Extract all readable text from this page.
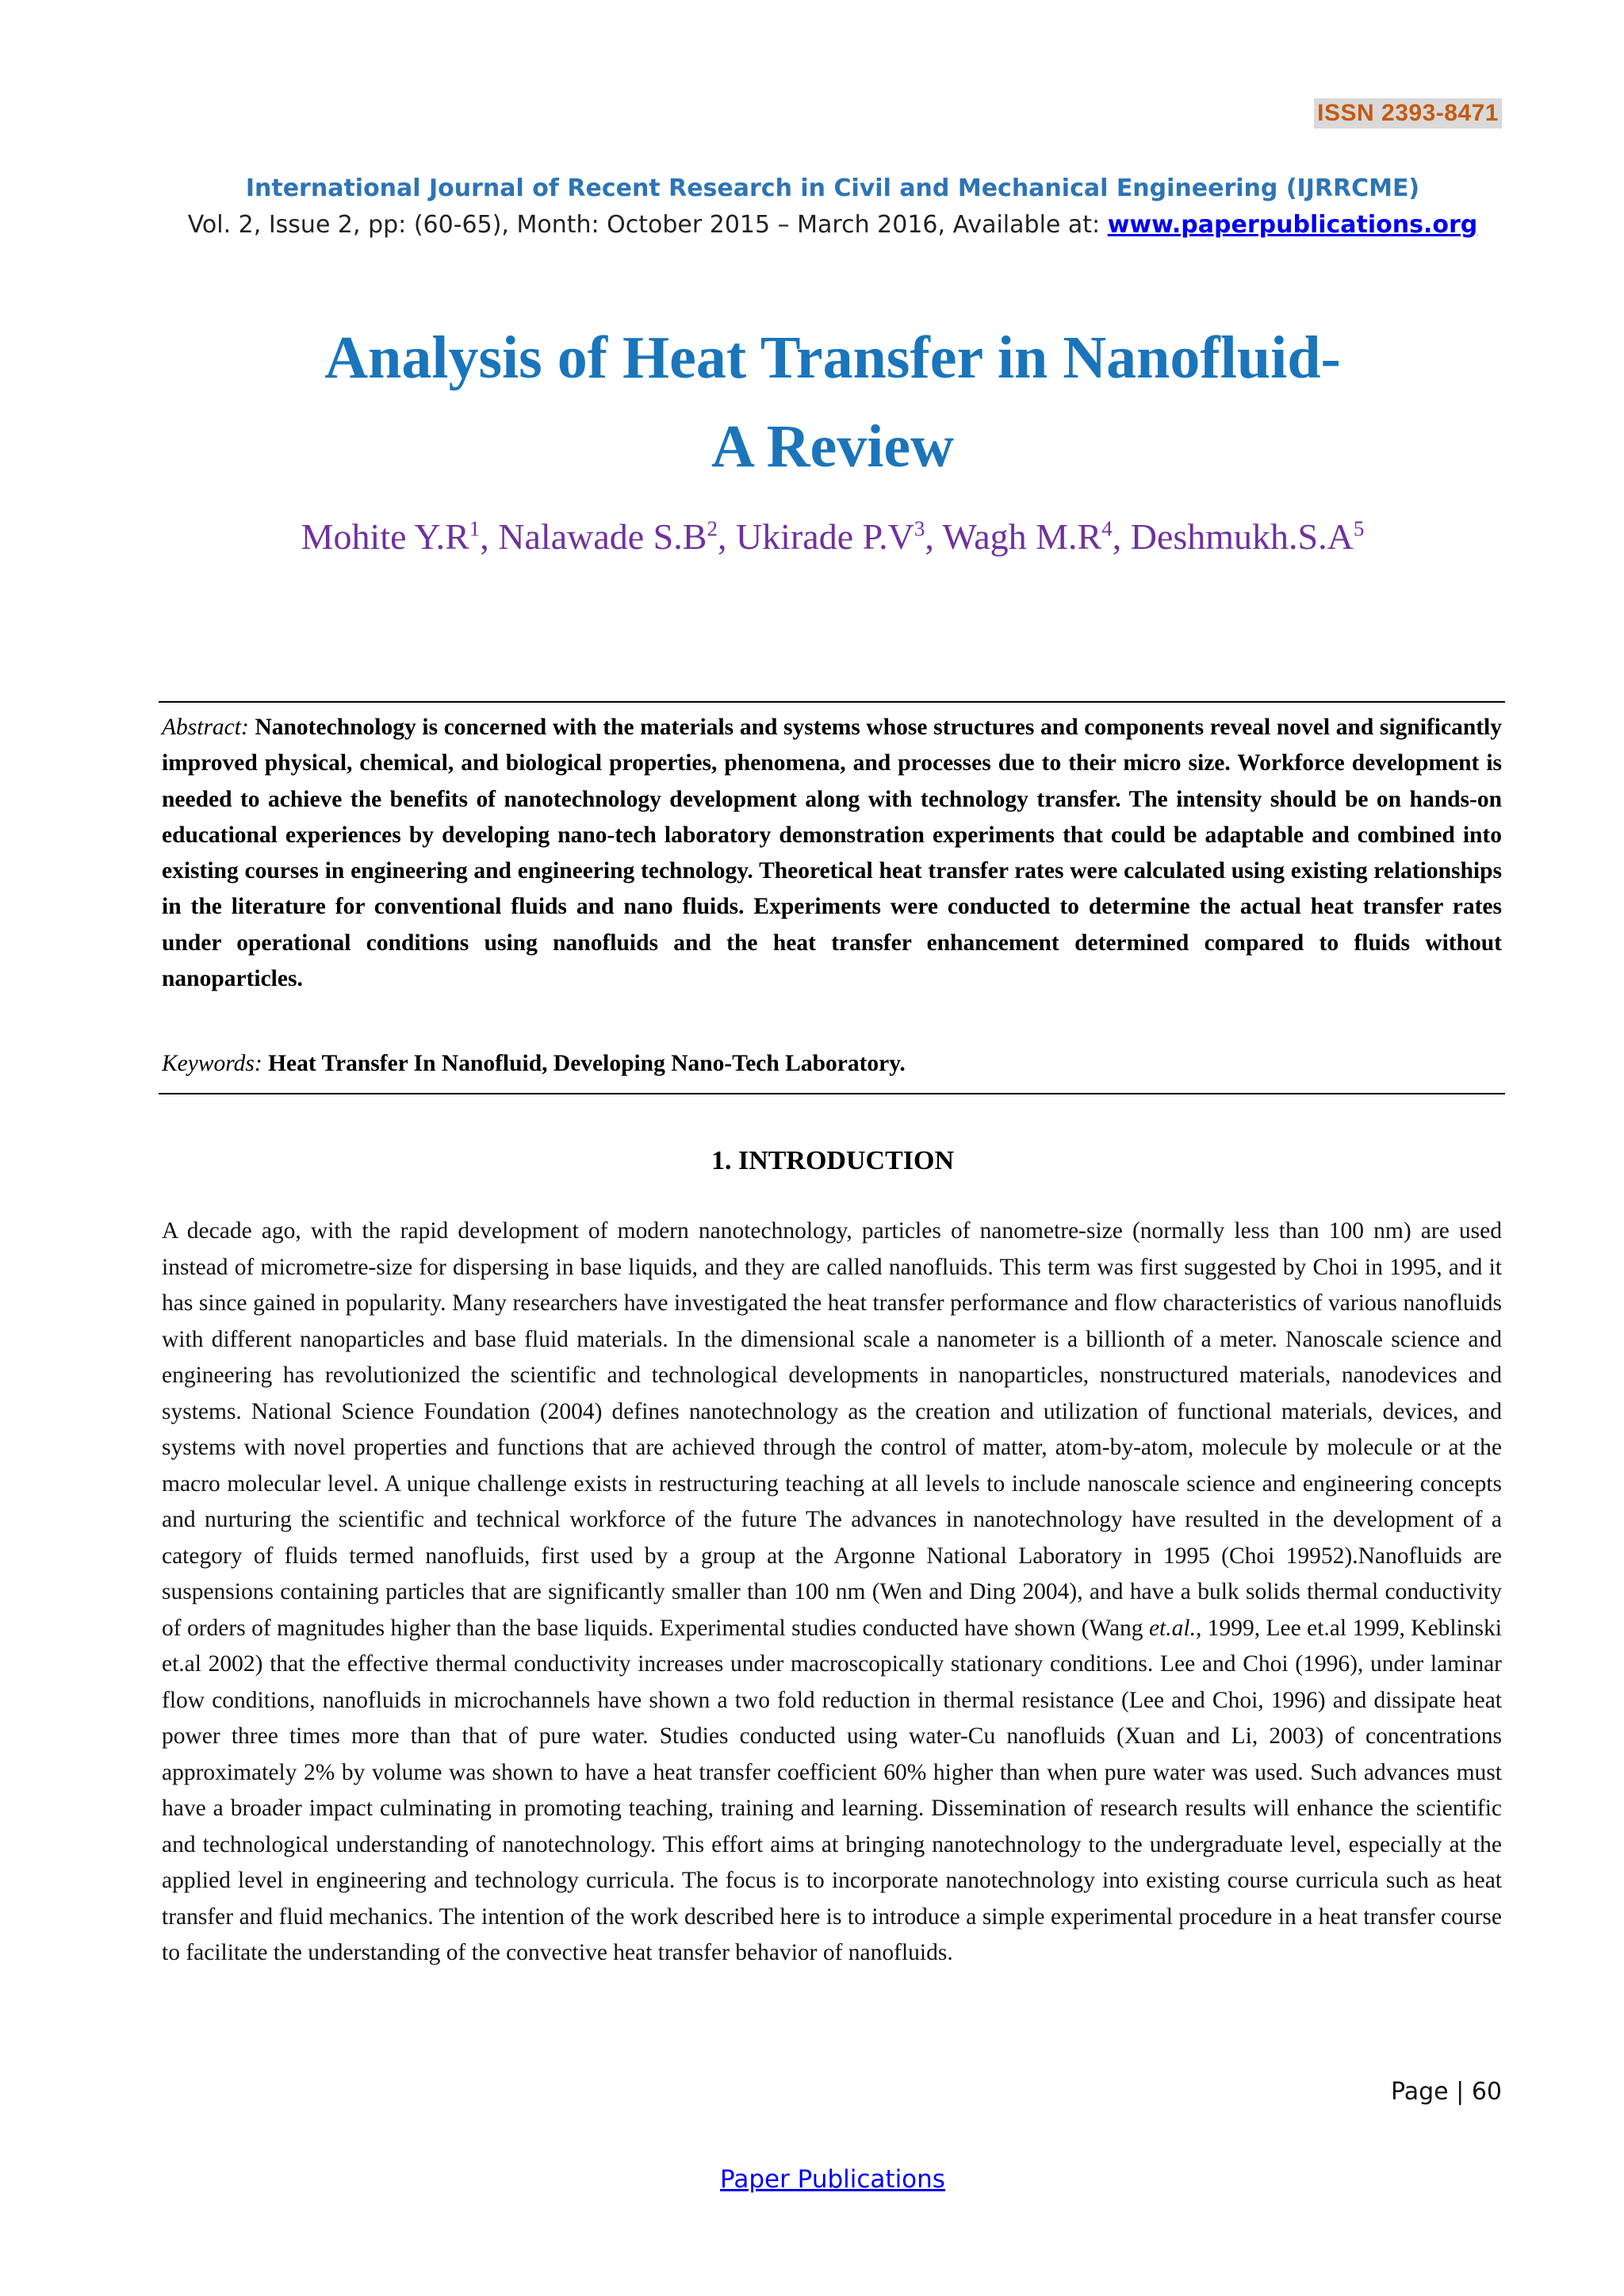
ISSN 2393-8471
International Journal of Recent Research in Civil and Mechanical Engineering (IJRRCME)
Vol. 2, Issue 2, pp: (60-65), Month: October 2015 – March 2016, Available at: www.paperpublications.org
Analysis of Heat Transfer in Nanofluid-
A Review
Mohite $Y.R^1$, Nalawade $S.B^2$, Ukirade $P.V^3$, Wagh $M.R^4$, $Deshmukh.S.A^5$
Abstract: Nanotechnology is concerned with the materials and systems whose structures and components reveal novel and significantly improved physical, chemical, and biological properties, phenomena, and processes due to their micro size. Workforce development is needed to achieve the benefits of nanotechnology development along with technology transfer. The intensity should be on hands-on educational experiences by developing nano-tech laboratory demonstration experiments that could be adaptable and combined into existing courses in engineering and engineering technology. Theoretical heat transfer rates were calculated using existing relationships in the literature for conventional fluids and nano fluids. Experiments were conducted to determine the actual heat transfer rates under operational conditions using nanofluids and the heat transfer enhancement determined compared to fluids without nanoparticles.
Keywords: Heat Transfer In Nanofluid, Developing Nano-Tech Laboratory.
1. INTRODUCTION
A decade ago, with the rapid development of modern nanotechnology, particles of nanometre-size (normally less than 100 nm) are used instead of micrometre-size for dispersing in base liquids, and they are called nanofluids. This term was first suggested by Choi in 1995, and it has since gained in popularity. Many researchers have investigated the heat transfer performance and flow characteristics of various nanofluids with different nanoparticles and base fluid materials. In the dimensional scale a nanometer is a billionth of a meter. Nanoscale science and engineering has revolutionized the scientific and technological developments in nanoparticles, nonstructured materials, nanodevices and systems. National Science Foundation (2004) defines nanotechnology as the creation and utilization of functional materials, devices, and systems with novel properties and functions that are achieved through the control of matter, atom-by-atom, molecule by molecule or at the macro molecular level. A unique challenge exists in restructuring teaching at all levels to include nanoscale science and engineering concepts and nurturing the scientific and technical workforce of the future The advances in nanotechnology have resulted in the development of a category of fluids termed nanofluids, first used by a group at the Argonne National Laboratory in 1995 (Choi 19952).Nanofluids are suspensions containing particles that are significantly smaller than 100 nm (Wen and Ding 2004), and have a bulk solids thermal conductivity of orders of magnitudes higher than the base liquids. Experimental studies conducted have shown (Wang et.al., 1999, Lee et.al 1999, Keblinski et.al 2002) that the effective thermal conductivity increases under macroscopically stationary conditions. Lee and Choi (1996), under laminar flow conditions, nanofluids in microchannels have shown a two fold reduction in thermal resistance (Lee and Choi, 1996) and dissipate heat power three times more than that of pure water. Studies conducted using water-Cu nanofluids (Xuan and Li, 2003) of concentrations approximately 2% by volume was shown to have a heat transfer coefficient 60% higher than when pure water was used. Such advances must have a broader impact culminating in promoting teaching, training and learning. Dissemination of research results will enhance the scientific and technological understanding of nanotechnology. This effort aims at bringing nanotechnology to the undergraduate level, especially at the applied level in engineering and technology curricula. The focus is to incorporate nanotechnology into existing course curricula such as heat transfer and fluid mechanics. The intention of the work described here is to introduce a simple experimental procedure in a heat transfer course to facilitate the understanding of the convective heat transfer behavior of nanofluids.
Page | 60
Paper Publications
